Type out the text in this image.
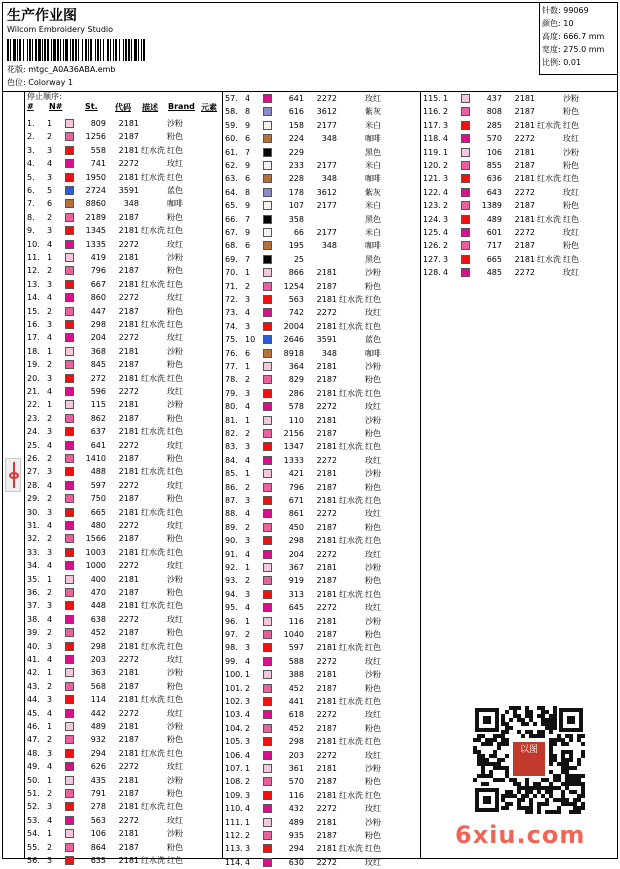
生产作业图
Wilcom Embroidery Studio
花版: mtgc_A0A36ABA.emb
色位: Colorway 1
针数: 99069
颜色: 10
高度: 666.7 mm
宽度: 275.0 mm
比例: 0.01
停止顺序:
# N#	St. 代码 描述 Brand 元素
1. 1	809	2181	沙粉
2. 2	1256	2187	粉色
3. 3	558	2181 红水洗 红色
4. 4	741	2272	玫红
5. 3	1950	2181 红水洗 红色
6. 5	2724	3591	蓝色
7. 6	8860	348	咖啡
8. 2	2189	2187	粉色
9. 3	1345	2181 红水洗 红色
10. 4	1335	2272	玫红
11. 1	419	2181	沙粉
12. 2	796	2187	粉色
13. 3	667	2181 红水洗 红色
14. 4	860	2272	玫红
15. 2	447	2187	粉色
16. 3	298	2181 红水洗 红色
17. 4	204	2272	玫红
18. 1	368	2181	沙粉
19. 2	845	2187	粉色
20. 3	272	2181 红水洗 红色
21. 4	596	2272	玫红
22. 1	115	2181	沙粉
23. 2	862	2187	粉色
24. 3	637	2181 红水洗 红色
25. 4	641	2272	玫红
26. 2	1410	2187	粉色
27. 3	488	2181 红水洗 红色
28. 4	597	2272	玫红
29. 2	750	2187	粉色
30. 3	665	2181 红水洗 红色
31. 4	480	2272	玫红
32. 2	1566	2187	粉色
33. 3	1003	2181 红水洗 红色
34. 4	1000	2272	玫红
35. 1	400	2181	沙粉
36. 2	470	2187	粉色
37. 3	448	2181 红水洗 红色
38. 4	638	2272	玫红
39. 2	452	2187	粉色
40. 3	298	2181 红水洗 红色
41. 4	203	2272	玫红
42. 1	363	2181	沙粉
43. 2	568	2187	粉色
44. 3	114	2181 红水洗 红色
45. 4	442	2272	玫红
46. 1	489	2181	沙粉
47. 2	932	2187	粉色
48. 3	294	2181 红水洗 红色
49. 4	626	2272	玫红
50. 1	435	2181	沙粉
51. 2	791	2187	粉色
52. 3	278	2181 红水洗 红色
53. 4	563	2272	玫红
54. 1	106	2181	沙粉
55. 2	864	2187	粉色
56. 3	635	2181 红水洗 红色
57. 4	641	2272	玫红
58. 8	616	3612	紫灰
59. 9	158	2177	米白
60. 6	224	348	咖啡
61. 7	229	黑色
62. 9	233	2177	米白
63. 6	228	348	咖啡
64. 8	178	3612	紫灰
65. 9	107	2177	米白
66. 7	358	黑色
67. 9	66	2177	米白
68. 6	195	348	咖啡
69. 7	25	黑色
70. 1	866	2181	沙粉
71. 2	1254	2187	粉色
72. 3	563	2181 红水洗 红色
73. 4	742	2272	玫红
74. 3	2004	2181 红水洗 红色
75. 10	2646	3591	蓝色
76. 6	8918	348	咖啡
77. 1	364	2181	沙粉
78. 2	829	2187	粉色
79. 3	286	2181 红水洗 红色
80. 4	578	2272	玫红
81. 1	110	2181	沙粉
82. 2	2156	2187	粉色
83. 3	1347	2181 红水洗 红色
84. 4	1333	2272	玫红
85. 1	421	2181	沙粉
86. 2	796	2187	粉色
87. 3	671	2181 红水洗 红色
88. 4	861	2272	玫红
89. 2	450	2187	粉色
90. 3	298	2181 红水洗 红色
91. 4	204	2272	玫红
92. 1	367	2181	沙粉
93. 2	919	2187	粉色
94. 3	313	2181 红水洗 红色
95. 4	645	2272	玫红
96. 1	116	2181	沙粉
97. 2	1040	2187	粉色
98. 3	597	2181 红水洗 红色
99. 4	588	2272	玫红
100. 1	388	2181	沙粉
101. 2	452	2187	粉色
102. 3	441	2181 红水洗 红色
103. 4	618	2272	玫红
104. 2	452	2187	粉色
105. 3	298	2181 红水洗 红色
106. 4	203	2272	玫红
107. 1	361	2181	沙粉
108. 2	570	2187	粉色
109. 3	116	2181 红水洗 红色
110. 4	432	2272	玫红
111. 1	489	2181	沙粉
112. 2	935	2187	粉色
113. 3	294	2181 红水洗 红色
114. 4	630	2272	玫红
115. 1	437	2181	沙粉
116. 2	808	2187	粉色
117. 3	285	2181 红水洗 红色
118. 4	570	2272	玫红
119. 1	106	2181	沙粉
120. 2	855	2187	粉色
121. 3	636	2181 红水洗 红色
122. 4	643	2272	玫红
123. 2	1389	2187	粉色
124. 3	489	2181 红水洗 红色
125. 4	601	2272	玫红
126. 2	717	2187	粉色
127. 3	665	2181 红水洗 红色
128. 4	485	2272	玫红
以图
6xiu.com
